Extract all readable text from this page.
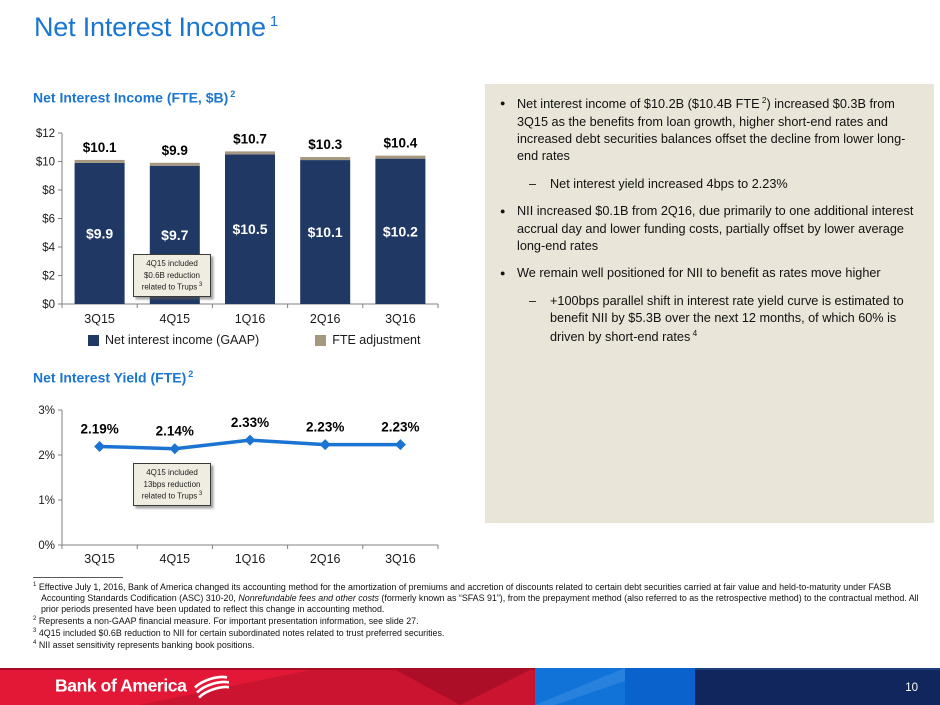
Net Interest Income $^1$
Net Interest Income (FTE, $B) $^2$
$0
$2
$4
$6
$8
$10
$12
$9.9
$10.1
3Q15
$9.7
$9.9
4Q15
$10.5
$10.7
1Q16
$10.1
$10.3
2Q16
$10.2
$10.4
3Q16
Net interest income (GAAP)	FTE adjustment
4Q15 included
$0.6B reduction
related to Trups $^3$
Net Interest Yield (FTE) $^2$
0%
1%
2%
3%
2.19%
3Q15
2.14%
4Q15
2.33%
1Q16
2.23%
2Q16
2.23%
3Q16
4Q15 included
13bps reduction
related to Trups $^3$
● Net interest income of $10.2B ($10.4B FTE $^2$) increased $0.3B from 3Q15 as the benefits from loan growth, higher short-end rates and increased debt securities balances offset the decline from lower long-end rates
–	Net interest yield increased 4bps to 2.23%
● NII increased $0.1B from 2Q16, due primarily to one additional interest accrual day and lower funding costs, partially offset by lower average long-end rates
● We remain well positioned for NII to benefit as rates move higher
–	+100bps parallel shift in interest rate yield curve is estimated to benefit NII by $5.3B over the next 12 months, of which 60% is driven by short-end rates $^4$
$^1$ Effective July 1, 2016, Bank of America changed its accounting method for the amortization of premiums and accretion of discounts related to certain debt securities carried at fair value and held-to-maturity under FASB Accounting Standards Codification (ASC) 310-20, Nonrefundable fees and other costs (formerly known as “SFAS 91”), from the prepayment method (also referred to as the retrospective method) to the contractual method. All prior periods presented have been updated to reflect this change in accounting method.
$^2$ Represents a non-GAAP financial measure. For important presentation information, see slide 27.
$^3$ 4Q15 included $0.6B reduction to NII for certain subordinated notes related to trust preferred securities.
$^4$ NII asset sensitivity represents banking book positions.
10
Bank of America
